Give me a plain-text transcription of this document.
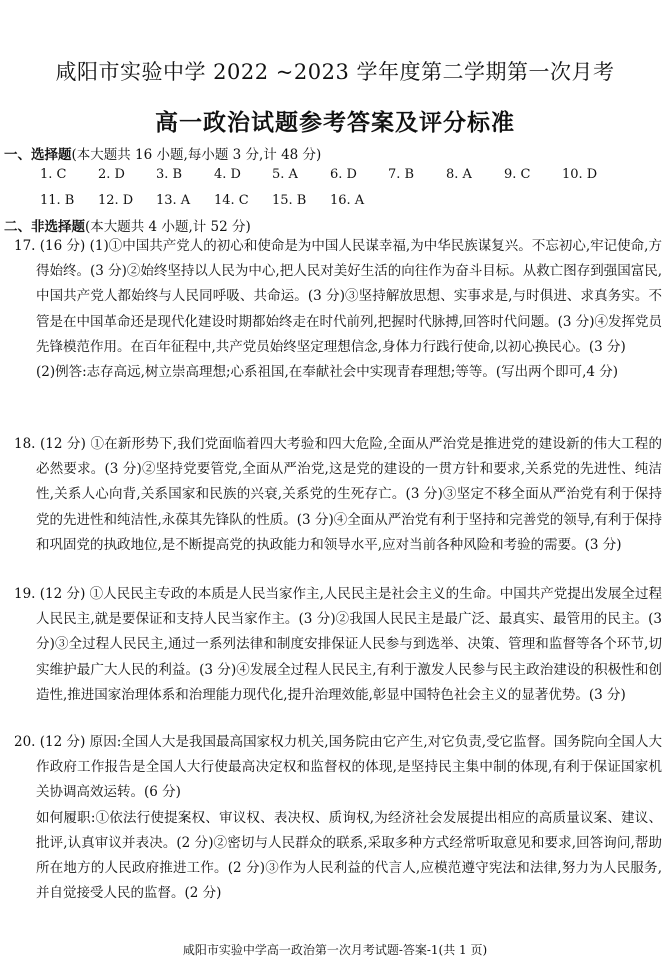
咸阳市实验中学 2022 ~2023 学年度第二学期第一次月考
高一政治试题参考答案及评分标准
一、选择题(本大题共 16 小题,每小题 3 分,计 48 分)
1. C	2. D	3. B	4. D	5. A	6. D	7. B	8. A	9. C	10. D
11. B	12. D	13. A	14. C	15. B	16. A
二、非选择题(本大题共 4 小题,计 52 分)
17. (16 分) (1)①中国共产党人的初心和使命是为中国人民谋幸福,为中华民族谋复兴。不忘初心,牢记使命,方得始终。(3 分)②始终坚持以人民为中心,把人民对美好生活的向往作为奋斗目标。从救亡图存到强国富民,中国共产党人都始终与人民同呼吸、共命运。(3 分)③坚持解放思想、实事求是,与时俱进、求真务实。不管是在中国革命还是现代化建设时期都始终走在时代前列,把握时代脉搏,回答时代问题。(3 分)④发挥党员先锋模范作用。在百年征程中,共产党员始终坚定理想信念,身体力行践行使命,以初心换民心。(3 分)
(2)例答:志存高远,树立崇高理想;心系祖国,在奉献社会中实现青春理想;等等。(写出两个即可,4 分)
18. (12 分) ①在新形势下,我们党面临着四大考验和四大危险,全面从严治党是推进党的建设新的伟大工程的必然要求。(3 分)②坚持党要管党,全面从严治党,这是党的建设的一贯方针和要求,关系党的先进性、纯洁性,关系人心向背,关系国家和民族的兴衰,关系党的生死存亡。(3 分)③坚定不移全面从严治党有利于保持党的先进性和纯洁性,永葆其先锋队的性质。(3 分)④全面从严治党有利于坚持和完善党的领导,有利于保持和巩固党的执政地位,是不断提高党的执政能力和领导水平,应对当前各种风险和考验的需要。(3 分)
19. (12 分) ①人民民主专政的本质是人民当家作主,人民民主是社会主义的生命。中国共产党提出发展全过程人民民主,就是要保证和支持人民当家作主。(3 分)②我国人民民主是最广泛、最真实、最管用的民主。(3 分)③全过程人民民主,通过一系列法律和制度安排保证人民参与到选举、决策、管理和监督等各个环节,切实维护最广大人民的利益。(3 分)④发展全过程人民民主,有利于激发人民参与民主政治建设的积极性和创造性,推进国家治理体系和治理能力现代化,提升治理效能,彰显中国特色社会主义的显著优势。(3 分)
20. (12 分) 原因:全国人大是我国最高国家权力机关,国务院由它产生,对它负责,受它监督。国务院向全国人大作政府工作报告是全国人大行使最高决定权和监督权的体现,是坚持民主集中制的体现,有利于保证国家机关协调高效运转。(6 分)
如何履职:①依法行使提案权、审议权、表决权、质询权,为经济社会发展提出相应的高质量议案、建议、批评,认真审议并表决。(2 分)②密切与人民群众的联系,采取多种方式经常听取意见和要求,回答询问,帮助所在地方的人民政府推进工作。(2 分)③作为人民利益的代言人,应模范遵守宪法和法律,努力为人民服务,并自觉接受人民的监督。(2 分)
咸阳市实验中学高一政治第一次月考试题-答案-1(共 1 页)
